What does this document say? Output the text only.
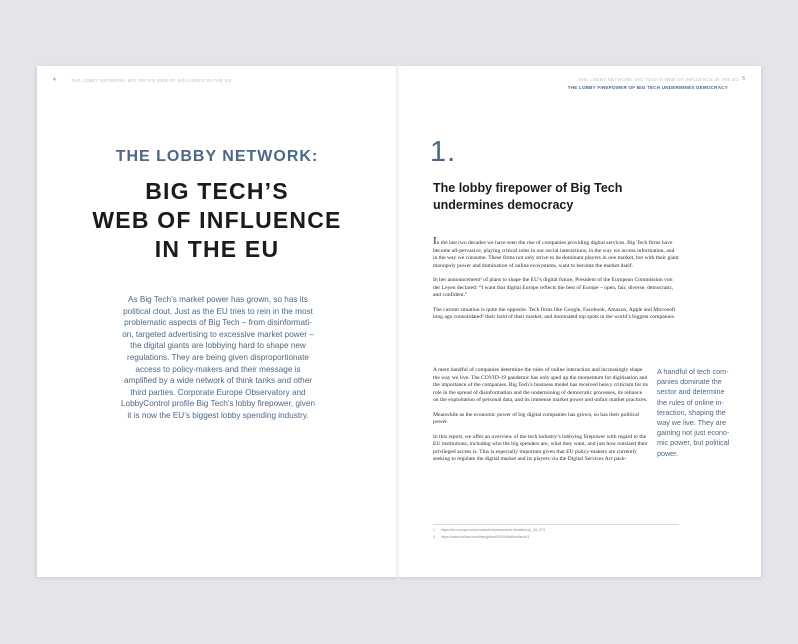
4	THE LOBBY NETWORK: BIG TECH'S WEB OF INFLUENCE IN THE EU
THE LOBBY NETWORK:
BIG TECH’S
WEB OF INFLUENCE
IN THE EU
As Big Tech’s market power has grown, so has its
political clout. Just as the EU tries to rein in the most
problematic aspects of Big Tech – from disinformati-
on, targeted advertising to excessive market power –
the digital giants are lobbying hard to shape new
regulations. They are being given disproportionate
access to policy-makers and their message is
amplified by a wide network of think tanks and other
third parties. Corporate Europe Observatory and
LobbyControl profile Big Tech’s lobby firepower, given
it is now the EU’s biggest lobby spending industry.
THE LOBBY NETWORK: BIG TECH'S WEB OF INFLUENCE IN THE EU 5
THE LOBBY FIREPOWER OF BIG TECH UNDERMINES DEMOCRACY
1.
The lobby firepower of Big Tech
undermines democracy

In the last two decades we have seen the rise of companies providing digital services. Big Tech firms have become all-pervasive, playing critical roles in our social interactions, in the way we access information, and in the way we consume. These firms not only strive to be dominant players in one market, but with their giant monopoly power and domination of online ecosystems, want to become the market itself.

In her announcement¹ of plans to shape the EU’s digital future, President of the European Commission von der Leyen declared: “I want that digital Europe reflects the best of Europe – open, fair, diverse, democratic, and confident.”

The current situation is quite the opposite. Tech firms like Google, Facebook, Amazon, Apple and Microsoft long ago consolidated² their hold of their market, and dominated top spots in the world’s biggest companies.

A mere handful of companies determine the rules of online interaction and increasingly shape the way we live. The COVID-19 pandemic has only sped up the momentum for digitisation and the importance of the companies. Big Tech’s business model has received heavy criticism for its role in the spread of disinformation and the undermining of democratic processes, its reliance on the exploitation of personal data, and its immense market power and unfair market practices.

Meanwhile as the economic power of big digital companies has grown, so has their political power.

In this report, we offer an overview of the tech industry’s lobbying firepower with regard to the EU institutions, including who the big spenders are, what they want, and just how outsized their privileged access is. This is especially important given that EU policy-makers are currently seeking to regulate the digital market and its players via the Digital Services Act pack-

A handful of tech com-
panies dominate the
sector and determine
the rules of online in-
teraction, shaping the
way we live. They are
gaining not just econo-
mic power, but political
power.
1 https://ec.europa.eu/commission/presscorner/detail/en/ip_20_273
2 https://www.forbes.com/lists/global2000/#5a8fcc5ac4c3
